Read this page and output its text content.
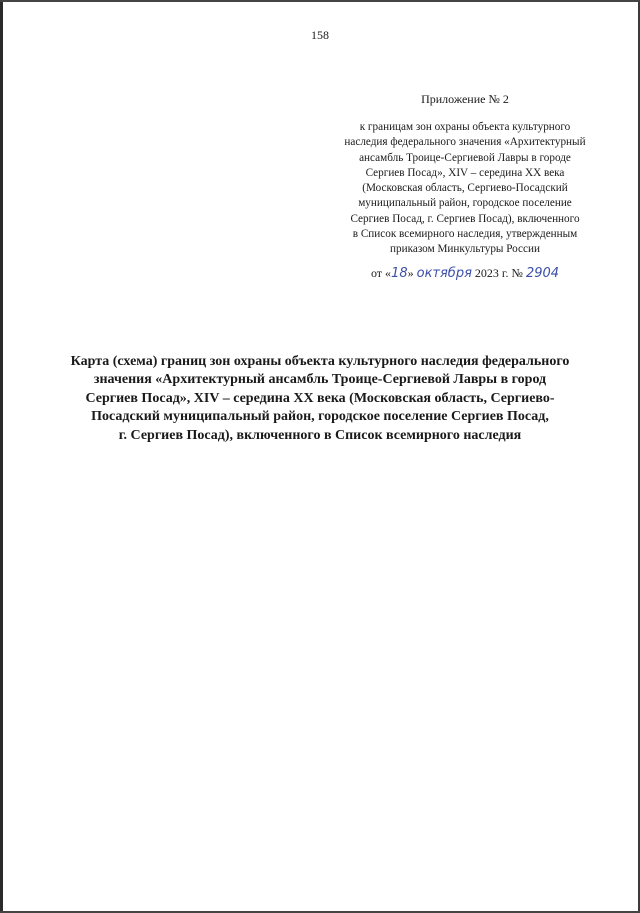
158
Приложение № 2
к границам зон охраны объекта культурного
наследия федерального значения «Архитектурный
ансамбль Троице-Сергиевой Лавры в городе
Сергиев Посад», XIV – середина XX века
(Московская область, Сергиево-Посадский
муниципальный район, городское поселение
Сергиев Посад, г. Сергиев Посад), включенного
в Список всемирного наследия, утвержденным
приказом Минкультуры России
от «18» октября 2023 г. № 2904
Карта (схема) границ зон охраны объекта культурного наследия федерального
значения «Архитектурный ансамбль Троице-Сергиевой Лавры в город
Сергиев Посад», XIV – середина XX века (Московская область, Сергиево-
Посадский муниципальный район, городское поселение Сергиев Посад,
г. Сергиев Посад), включенного в Список всемирного наследия
